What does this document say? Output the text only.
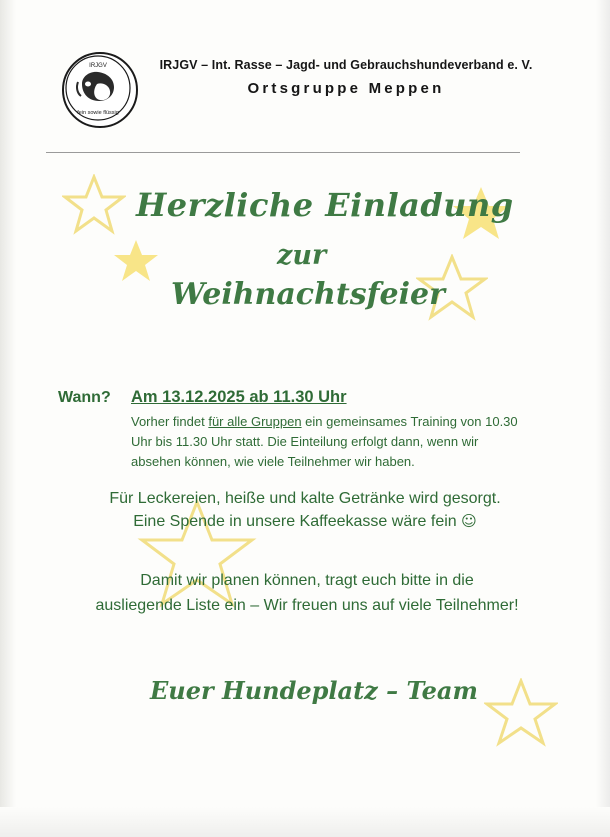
IRJGV
fein sowie flüssig
IRJGV – Int. Rasse – Jagd- und Gebrauchshundeverband e. V.
Ortsgruppe Meppen
Herzliche Einladung
zur
Weihnachtsfeier
Wann? Am 13.12.2025 ab 11.30 Uhr
Vorher findet für alle Gruppen ein gemeinsames Training von 10.30 Uhr bis 11.30 Uhr statt. Die Einteilung erfolgt dann, wenn wir absehen können, wie viele Teilnehmer wir haben.
Für Leckereien, heiße und kalte Getränke wird gesorgt.
Eine Spende in unsere Kaffeekasse wäre fein ☺
Damit wir planen können, tragt euch bitte in die
ausliegende Liste ein – Wir freuen uns auf viele Teilnehmer!
Euer Hundeplatz – Team
